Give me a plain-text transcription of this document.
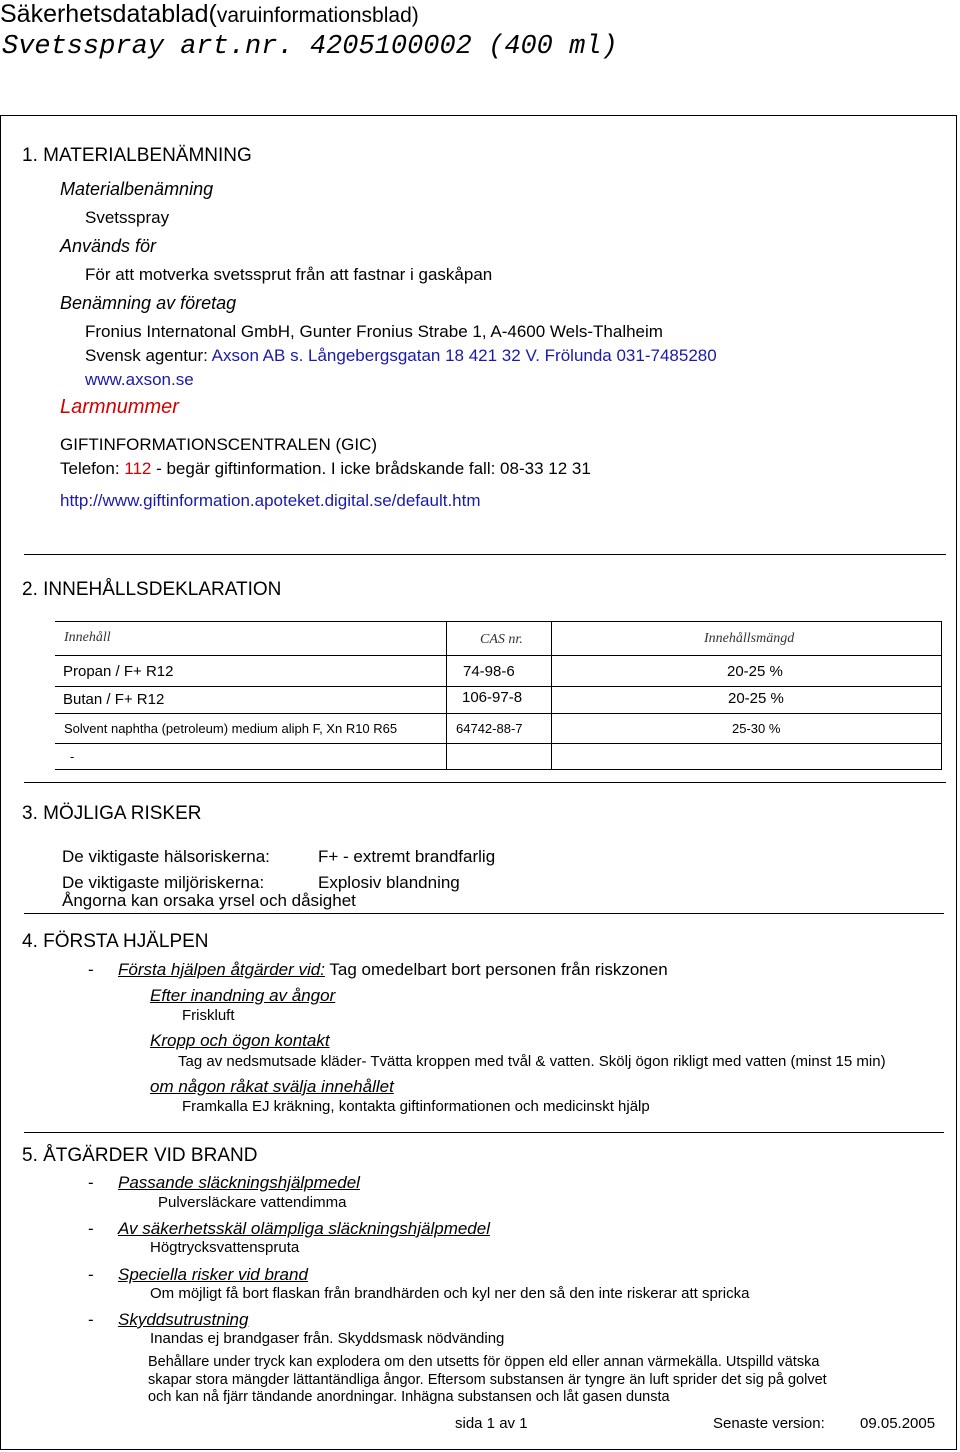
Säkerhetsdatablad(varuinformationsblad)
Svetsspray art.nr. 4205100002 (400 ml)
1. MATERIALBENÄMNING
Materialbenämning
Svetsspray
Används för
För att motverka svetssprut från att fastnar i gaskåpan
Benämning av företag
Fronius Internatonal GmbH, Gunter Fronius Strabe 1, A-4600 Wels-Thalheim
Svensk agentur: Axson AB s. Långebergsgatan 18 421 32 V. Frölunda 031-7485280
www.axson.se
Larmnummer
GIFTINFORMATIONSCENTRALEN (GIC)
Telefon: 112 - begär giftinformation. I icke brådskande fall: 08-33 12 31
http://www.giftinformation.apoteket.digital.se/default.htm
2. INNEHÅLLSDEKLARATION
Innehåll	CAS nr.	Innehållsmängd
Propan / F+ R12	74-98-6	20-25 %
Butan / F+ R12	106-97-8	20-25 %
Solvent naphtha (petroleum) medium aliph F, Xn R10 R65	64742-88-7	25-30 %
-
3. MÖJLIGA RISKER
De viktigaste hälsoriskerna:	F+ - extremt brandfarlig
De viktigaste miljöriskerna:	Explosiv blandning
Ångorna kan orsaka yrsel och dåsighet
4. FÖRSTA HJÄLPEN
- Första hjälpen åtgärder vid: Tag omedelbart bort personen från riskzonen
Efter inandning av ångor
Friskluft
Kropp och ögon kontakt
Tag av nedsmutsade kläder- Tvätta kroppen med tvål & vatten. Skölj ögon rikligt med vatten (minst 15 min)
om någon råkat svälja innehållet
Framkalla EJ kräkning, kontakta giftinformationen och medicinskt hjälp
5. ÅTGÄRDER VID BRAND
- Passande släckningshjälpmedel
Pulversläckare vattendimma
- Av säkerhetsskäl olämpliga släckningshjälpmedel
Högtrycksvattenspruta
- Speciella risker vid brand
Om möjligt få bort flaskan från brandhärden och kyl ner den så den inte riskerar att spricka
- Skyddsutrustning
Inandas ej brandgaser från. Skyddsmask nödvänding
Behållare under tryck kan explodera om den utsetts för öppen eld eller annan värmekälla. Utspilld vätska
skapar stora mängder lättantändliga ångor. Eftersom substansen är tyngre än luft sprider det sig på golvet
och kan nå fjärr tändande anordningar. Inhägna substansen och låt gasen dunsta
sida 1 av 1	Senaste version: 09.05.2005
